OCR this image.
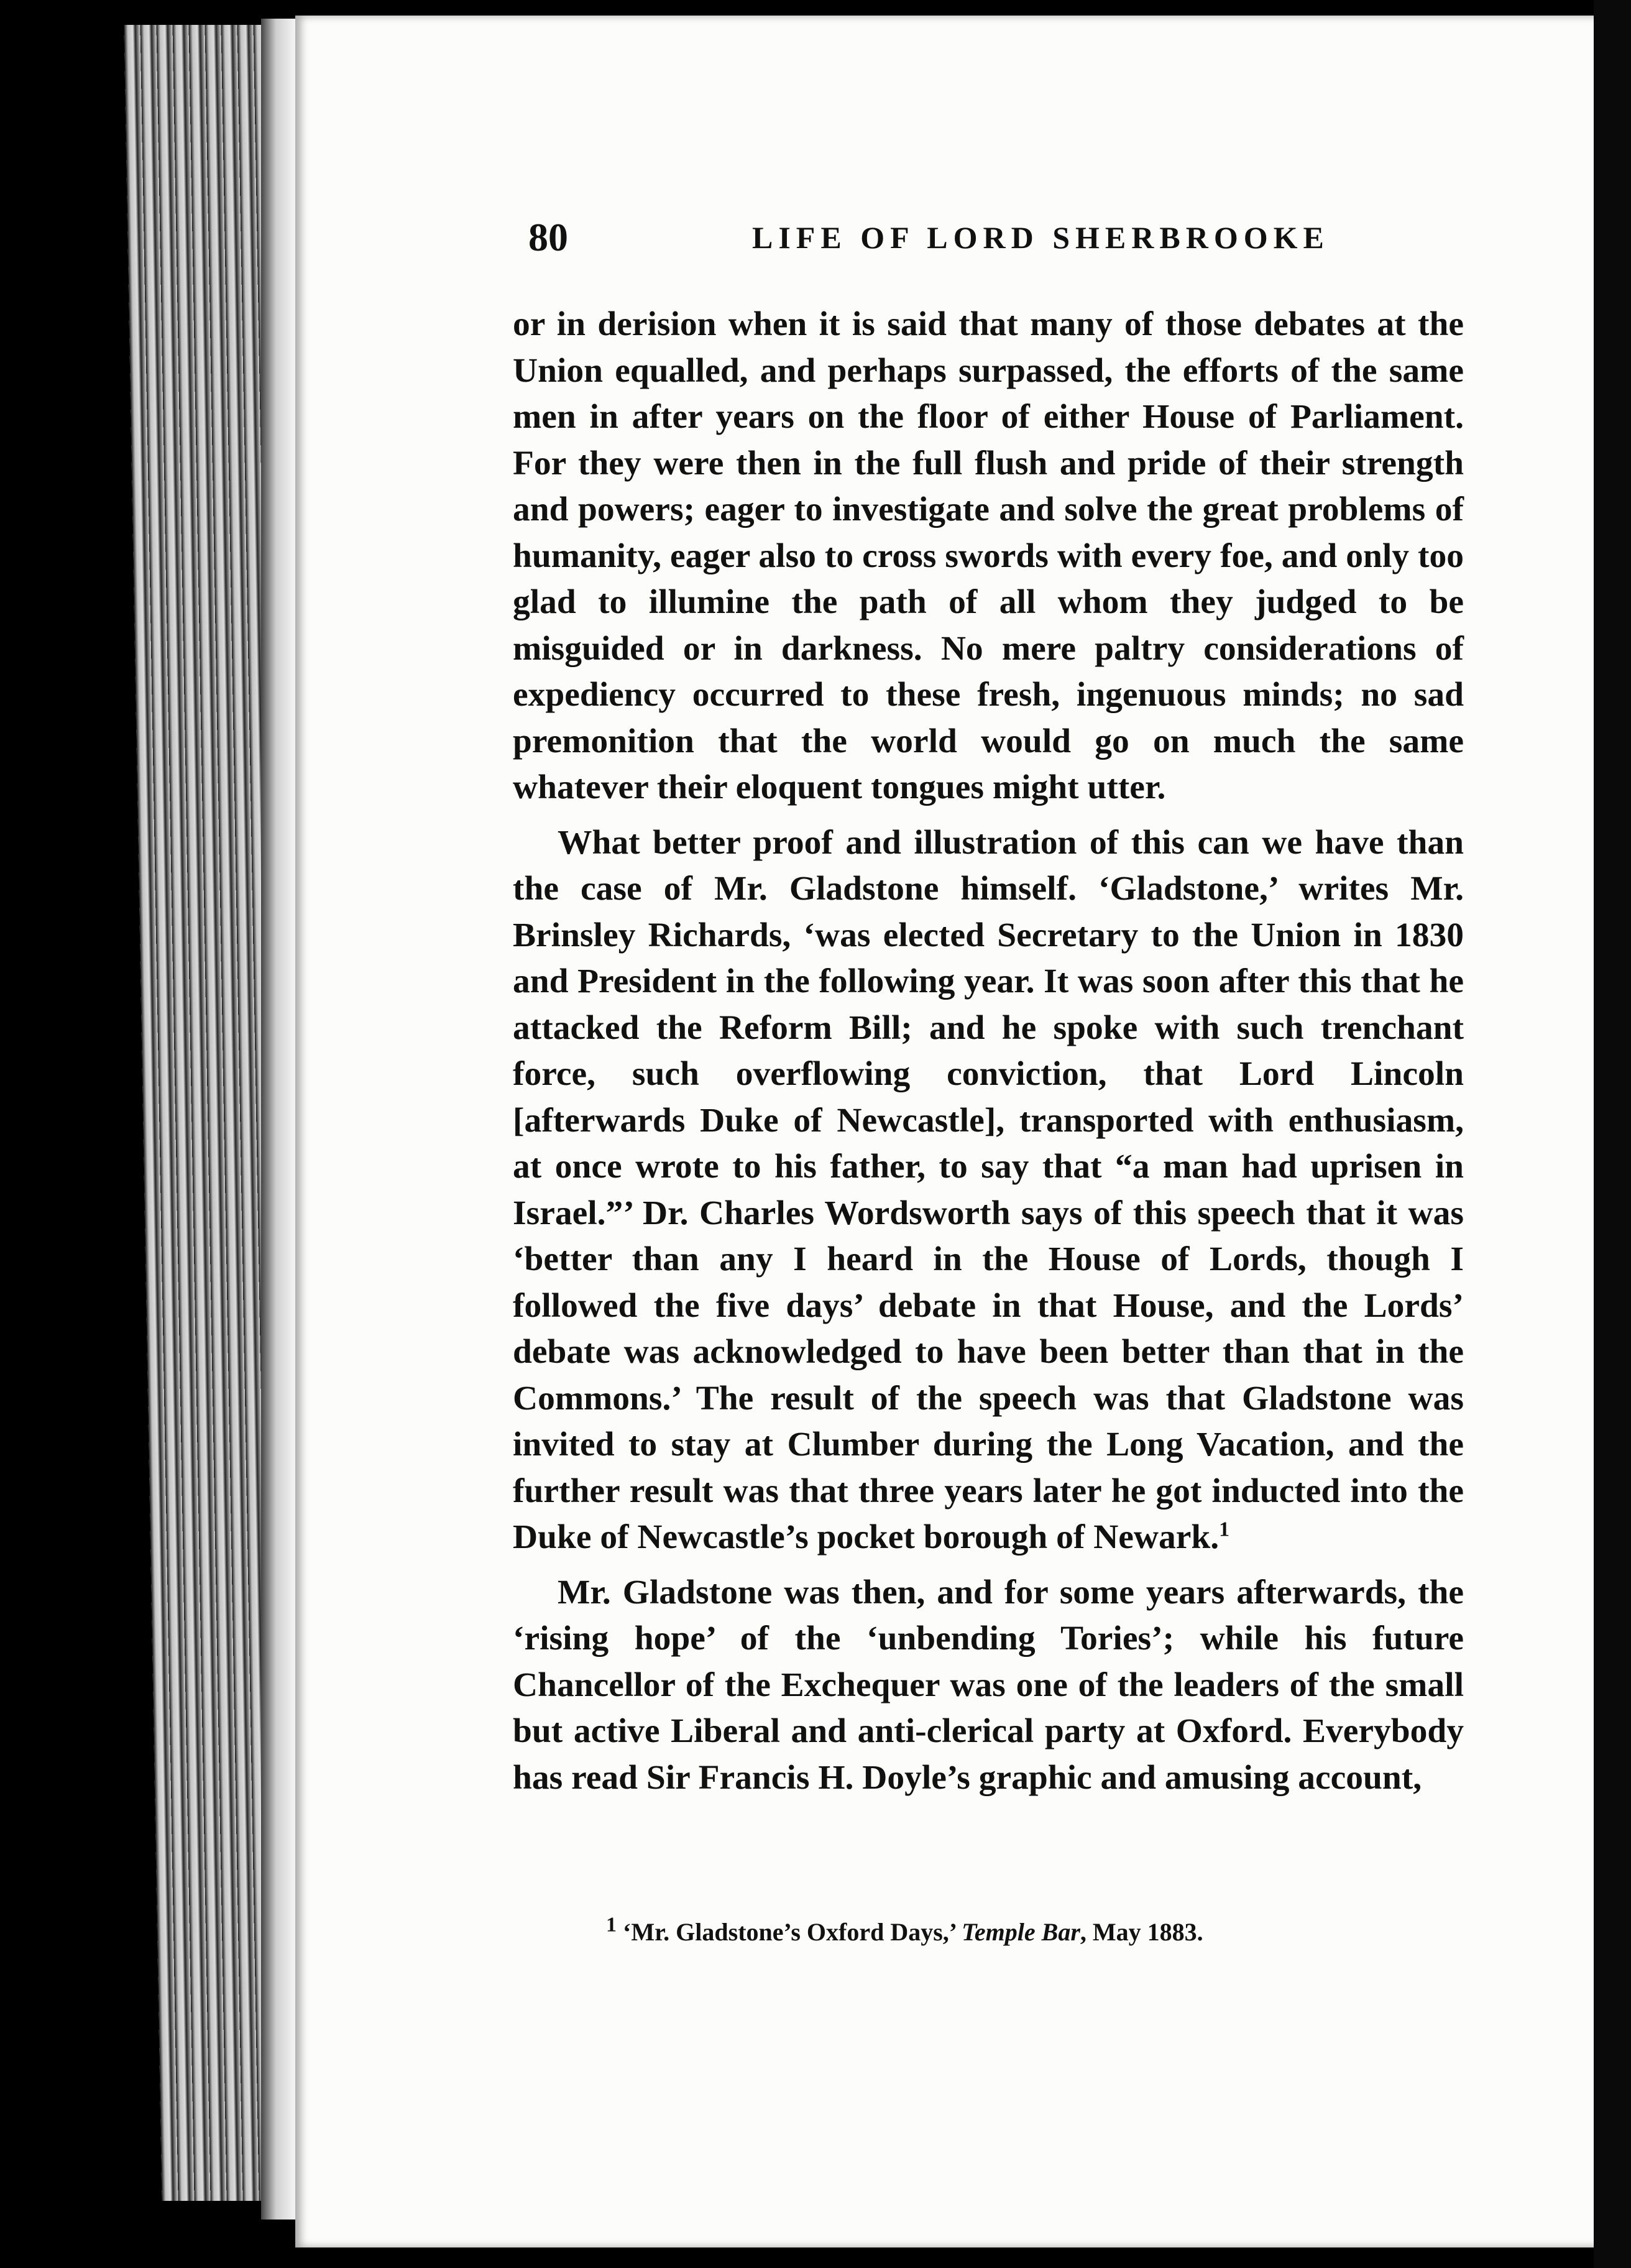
80	LIFE OF LORD SHERBROOKE

or in derision when it is said that many of those debates at the Union equalled, and perhaps surpassed, the efforts of the same men in after years on the floor of either House of Parliament. For they were then in the full flush and pride of their strength and powers; eager to investigate and solve the great problems of humanity, eager also to cross swords with every foe, and only too glad to illumine the path of all whom they judged to be misguided or in darkness. No mere paltry considerations of expediency occurred to these fresh, ingenuous minds; no sad premonition that the world would go on much the same whatever their eloquent tongues might utter.

What better proof and illustration of this can we have than the case of Mr. Gladstone himself. ‘Gladstone,’ writes Mr. Brinsley Richards, ‘was elected Secretary to the Union in 1830 and President in the following year. It was soon after this that he attacked the Reform Bill; and he spoke with such trenchant force, such overflowing conviction, that Lord Lincoln [afterwards Duke of Newcastle], transported with enthusiasm, at once wrote to his father, to say that “a man had uprisen in Israel.”’ Dr. Charles Wordsworth says of this speech that it was ‘better than any I heard in the House of Lords, though I followed the five days’ debate in that House, and the Lords’ debate was acknowledged to have been better than that in the Commons.’ The result of the speech was that Gladstone was invited to stay at Clumber during the Long Vacation, and the further result was that three years later he got inducted into the Duke of Newcastle’s pocket borough of Newark.$^1$

Mr. Gladstone was then, and for some years afterwards, the ‘rising hope’ of the ‘unbending Tories’; while his future Chancellor of the Exchequer was one of the leaders of the small but active Liberal and anti-clerical party at Oxford. Everybody has read Sir Francis H. Doyle’s graphic and amusing account,

$^1$ ‘Mr. Gladstone’s Oxford Days,’ Temple Bar, May 1883.
